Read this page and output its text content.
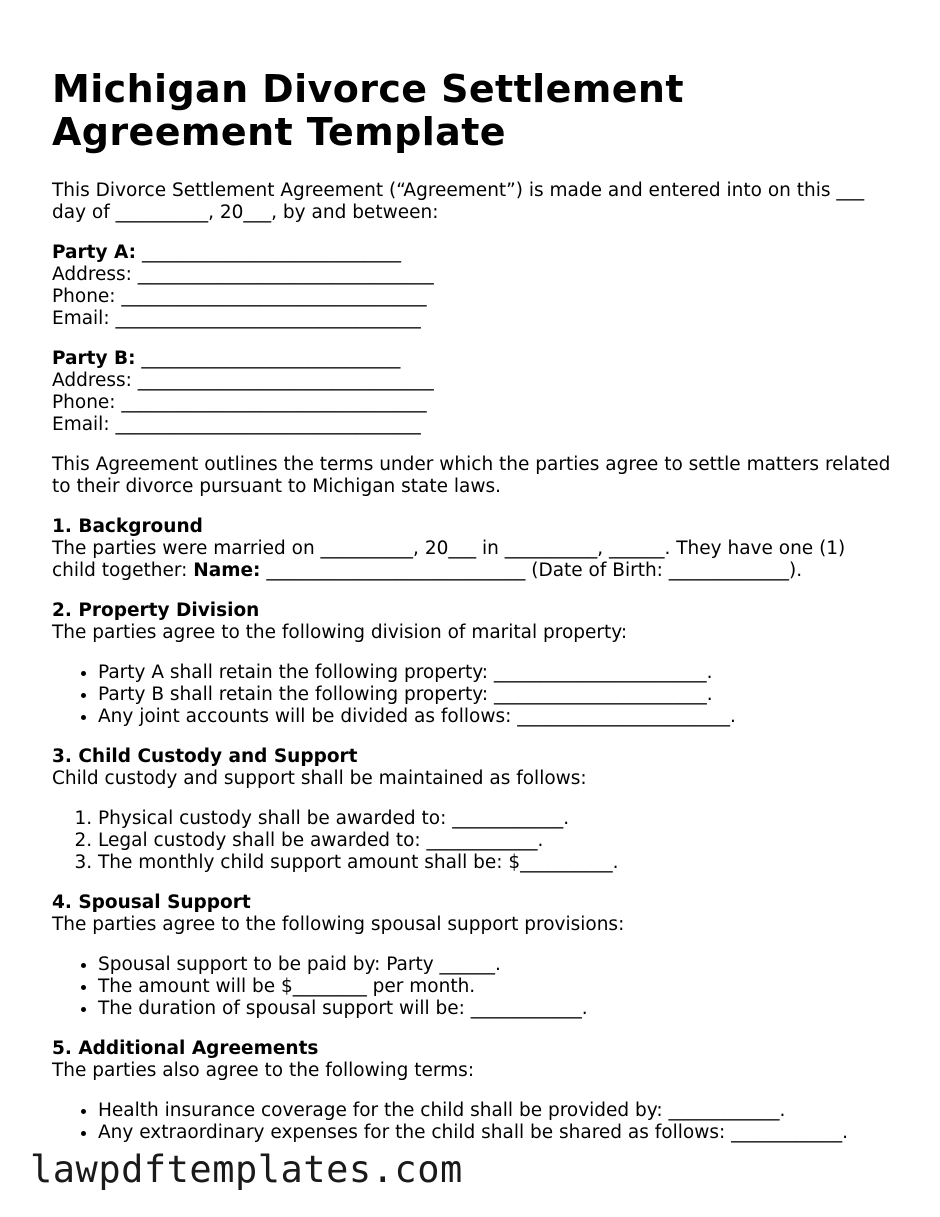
Michigan Divorce Settlement
Agreement Template

This Divorce Settlement Agreement (“Agreement”) is made and entered into on this ___
day of __________, 20___, by and between:

Party A: ____________________________
Address: ________________________________
Phone: _________________________________
Email: _________________________________
Party B: ____________________________
Address: ________________________________
Phone: _________________________________
Email: _________________________________

This Agreement outlines the terms under which the parties agree to settle matters related
to their divorce pursuant to Michigan state laws.

1. Background
The parties were married on __________, 20___ in __________, ______. They have one (1)
child together: Name: ____________________________ (Date of Birth: _____________).
2. Property Division

The parties agree to the following division of marital property:

• Party A shall retain the following property: _______________________.
• Party B shall retain the following property: _______________________.
• Any joint accounts will be divided as follows: _______________________.
3. Child Custody and Support

Child custody and support shall be maintained as follows:

1. Physical custody shall be awarded to: ____________.
2. Legal custody shall be awarded to: ____________.
3. The monthly child support amount shall be: $__________.
4. Spousal Support

The parties agree to the following spousal support provisions:

• Spousal support to be paid by: Party ______.
• The amount will be $________ per month.
• The duration of spousal support will be: ____________.
5. Additional Agreements

The parties also agree to the following terms:

• Health insurance coverage for the child shall be provided by: ____________.
• Any extraordinary expenses for the child shall be shared as follows: ____________.
lawpdftemplates.com
